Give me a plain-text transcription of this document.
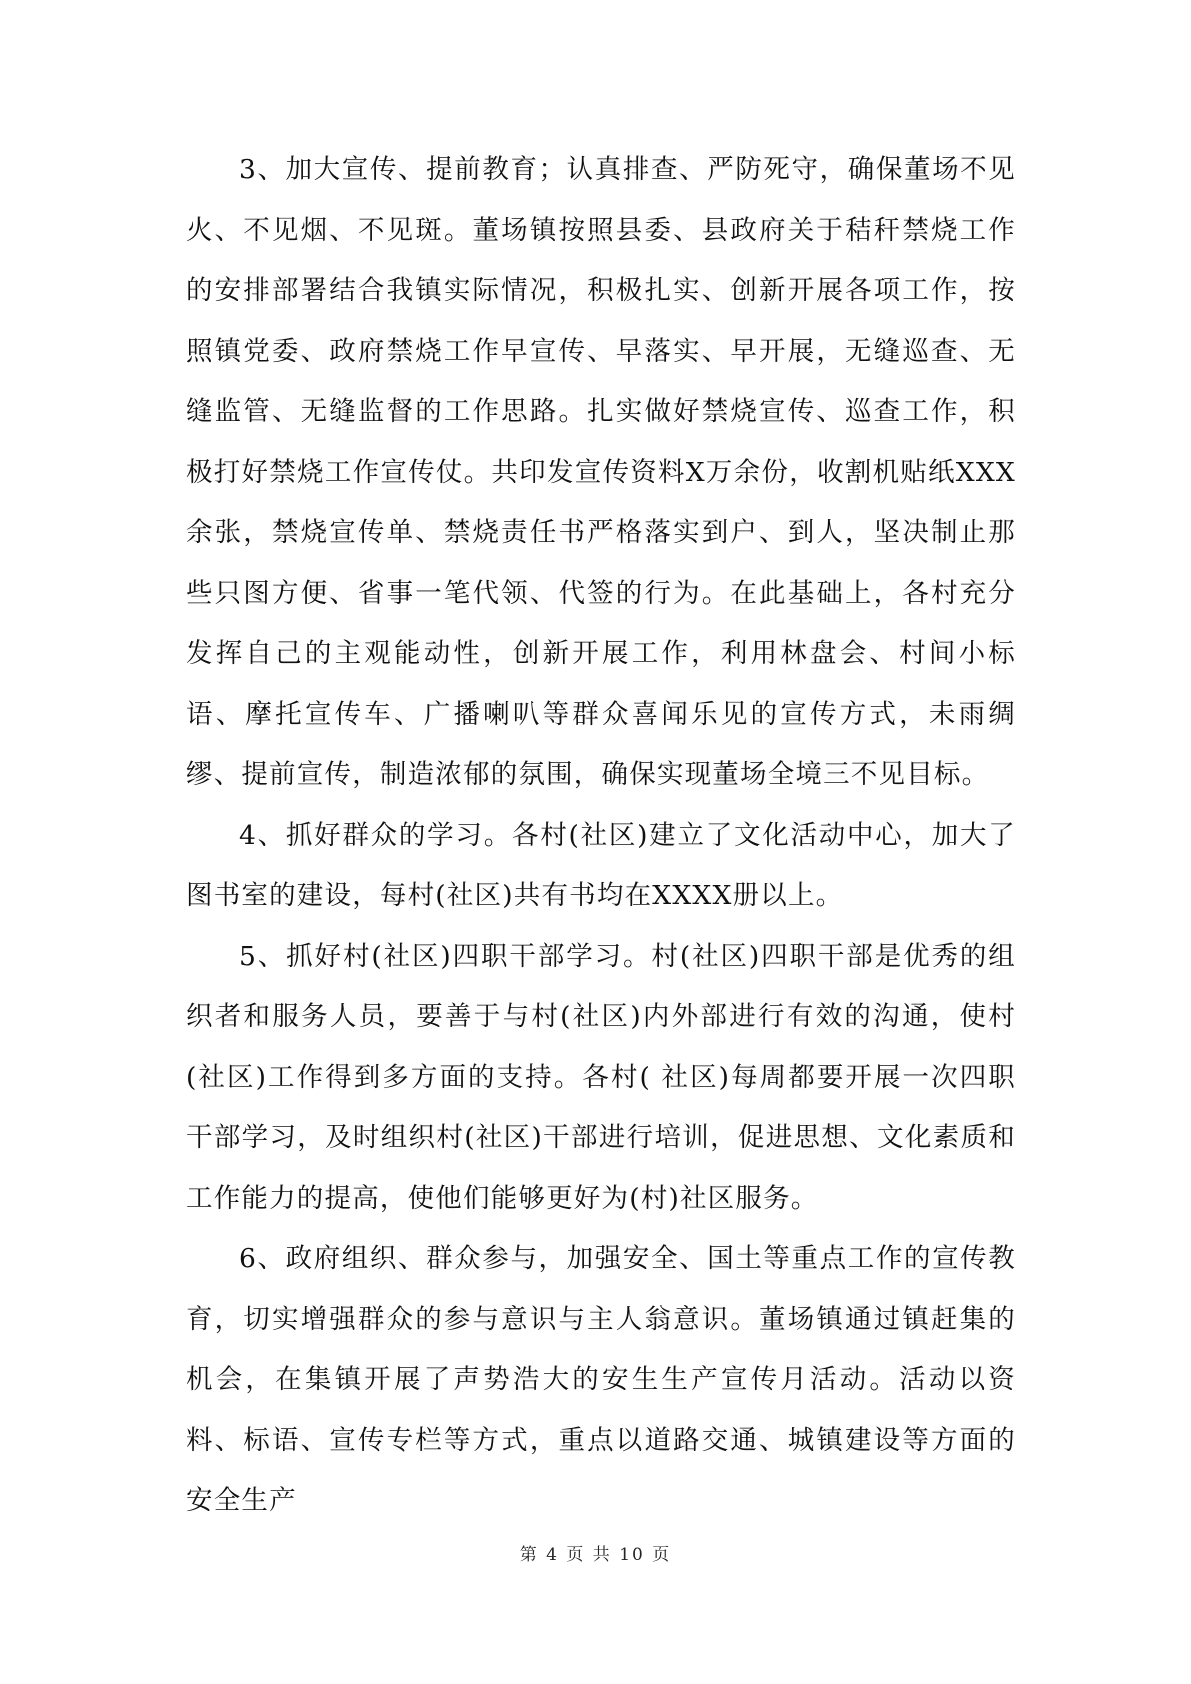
3、加大宣传、提前教育；认真排查、严防死守，确保董场不见火、不见烟、不见斑。董场镇按照县委、县政府关于秸秆禁烧工作的安排部署结合我镇实际情况，积极扎实、创新开展各项工作，按照镇党委、政府禁烧工作早宣传、早落实、早开展，无缝巡查、无缝监管、无缝监督的工作思路。扎实做好禁烧宣传、巡查工作，积极打好禁烧工作宣传仗。共印发宣传资料X万余份，收割机贴纸XXX余张，禁烧宣传单、禁烧责任书严格落实到户、到人，坚决制止那些只图方便、省事一笔代领、代签的行为。在此基础上，各村充分发挥自己的主观能动性，创新开展工作，利用林盘会、村间小标语、摩托宣传车、广播喇叭等群众喜闻乐见的宣传方式，未雨绸缪、提前宣传，制造浓郁的氛围，确保实现董场全境三不见目标。

4、抓好群众的学习。各村(社区)建立了文化活动中心，加大了图书室的建设，每村(社区)共有书均在XXXX册以上。

5、抓好村(社区)四职干部学习。村(社区)四职干部是优秀的组织者和服务人员，要善于与村(社区)内外部进行有效的沟通，使村(社区)工作得到多方面的支持。各村( 社区)每周都要开展一次四职干部学习，及时组织村(社区)干部进行培训，促进思想、文化素质和工作能力的提高，使他们能够更好为(村)社区服务。

6、政府组织、群众参与，加强安全、国土等重点工作的宣传教育，切实增强群众的参与意识与主人翁意识。董场镇通过镇赶集的机会，在集镇开展了声势浩大的安生生产宣传月活动。活动以资料、标语、宣传专栏等方式，重点以道路交通、城镇建设等方面的安全生产

第 4 页 共 10 页
